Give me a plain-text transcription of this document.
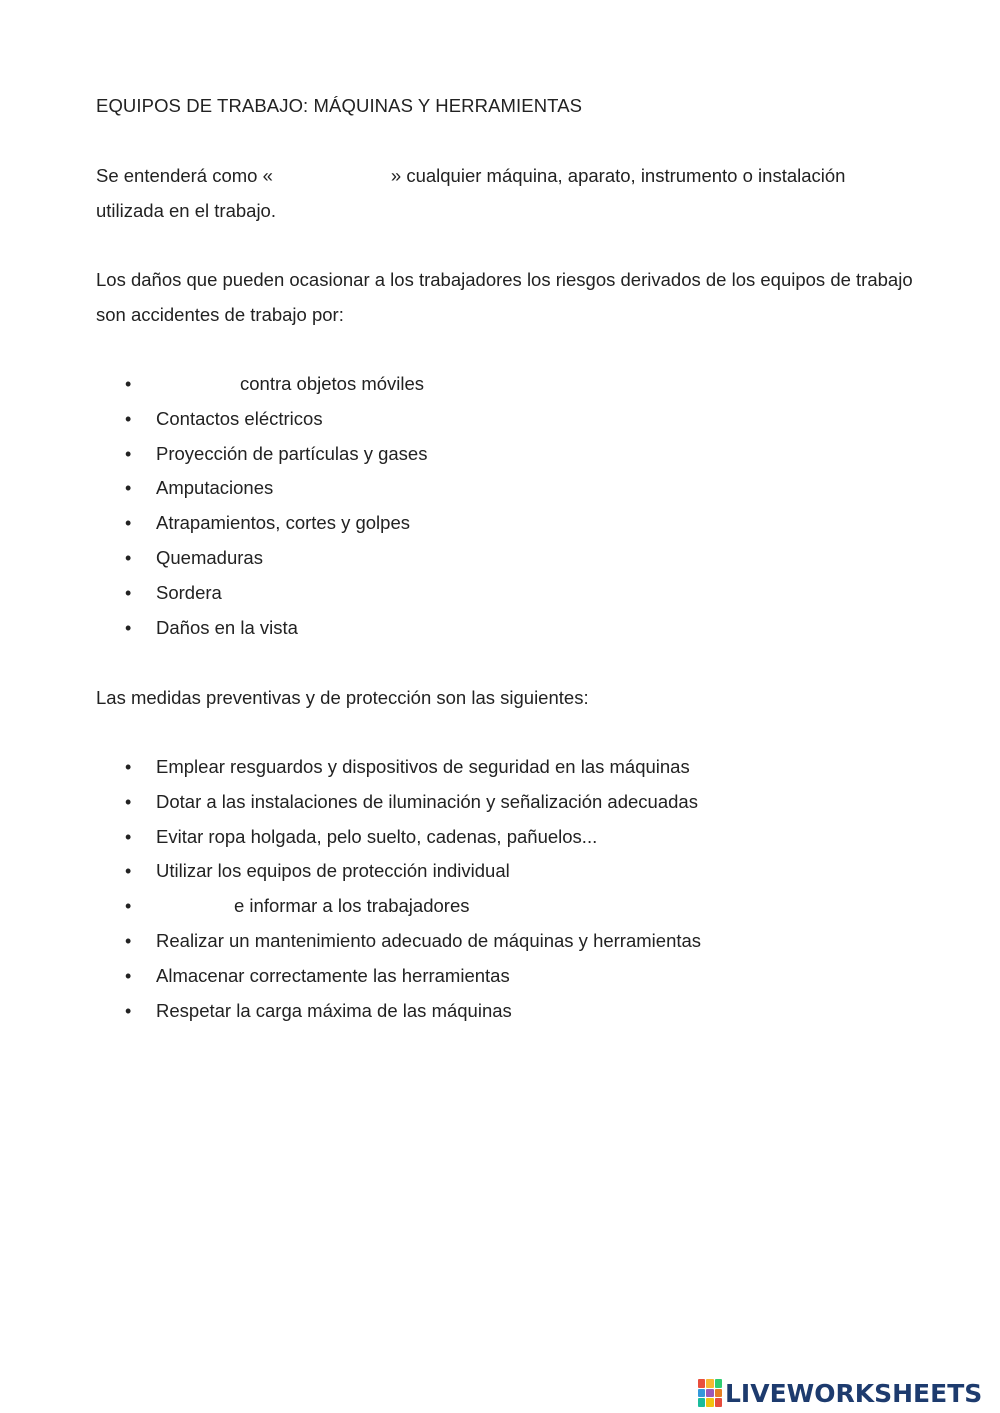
EQUIPOS DE TRABAJO: MÁQUINAS Y HERRAMIENTAS
Se entenderá como «	» cualquier máquina, aparato, instrumento o instalación utilizada en el trabajo.
Los daños que pueden ocasionar a los trabajadores los riesgos derivados de los equipos de trabajo son accidentes de trabajo por:
•	contra objetos móviles
• Contactos eléctricos
• Proyección de partículas y gases
• Amputaciones
• Atrapamientos, cortes y golpes
• Quemaduras
• Sordera
• Daños en la vista
Las medidas preventivas y de protección son las siguientes:
• Emplear resguardos y dispositivos de seguridad en las máquinas
• Dotar a las instalaciones de iluminación y señalización adecuadas
• Evitar ropa holgada, pelo suelto, cadenas, pañuelos...
• Utilizar los equipos de protección individual
•	e informar a los trabajadores
• Realizar un mantenimiento adecuado de máquinas y herramientas
• Almacenar correctamente las herramientas
• Respetar la carga máxima de las máquinas
LIVEWORKSHEETS
